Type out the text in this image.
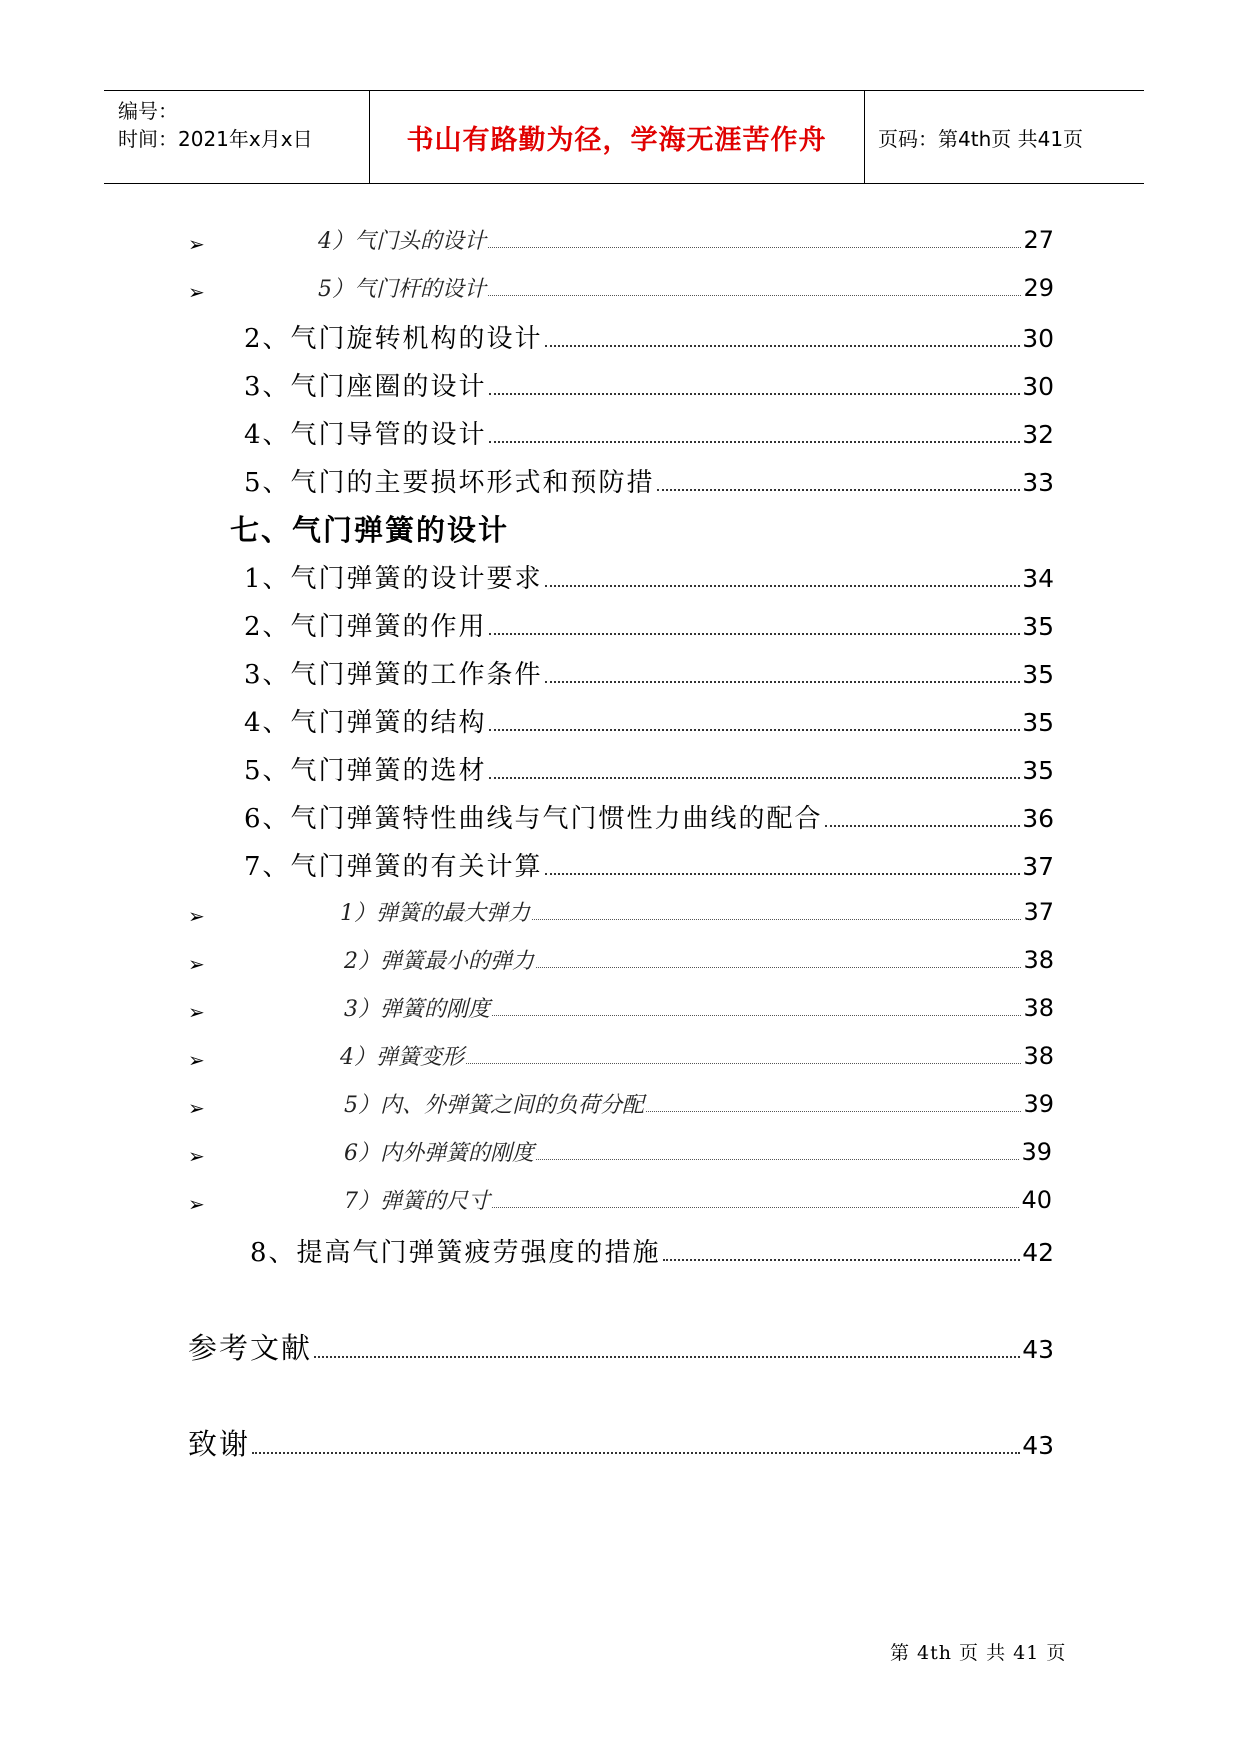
编号：
时间：2021年x月x日	书山有路勤为径，学海无涯苦作舟	页码：第4th页 共41页
➢	4）气门头的设计	27
➢	5）气门杆的设计	29
2、气门旋转机构的设计	30
3、气门座圈的设计	30
4、气门导管的设计	32
5、气门的主要损坏形式和预防措	33
七、气门弹簧的设计
1、气门弹簧的设计要求	34
2、气门弹簧的作用	35
3、气门弹簧的工作条件	35
4、气门弹簧的结构	35
5、气门弹簧的选材	35
6、气门弹簧特性曲线与气门惯性力曲线的配合	36
7、气门弹簧的有关计算	37
➢	1）弹簧的最大弹力	37
➢	2）弹簧最小的弹力	38
➢	3）弹簧的刚度	38
➢	4）弹簧变形	38
➢	5）内、外弹簧之间的负荷分配	39
➢	6）内外弹簧的刚度	39
➢	7）弹簧的尺寸	40
8、提高气门弹簧疲劳强度的措施	42
参考文献	43
致谢	43
第 4th 页 共 41 页
